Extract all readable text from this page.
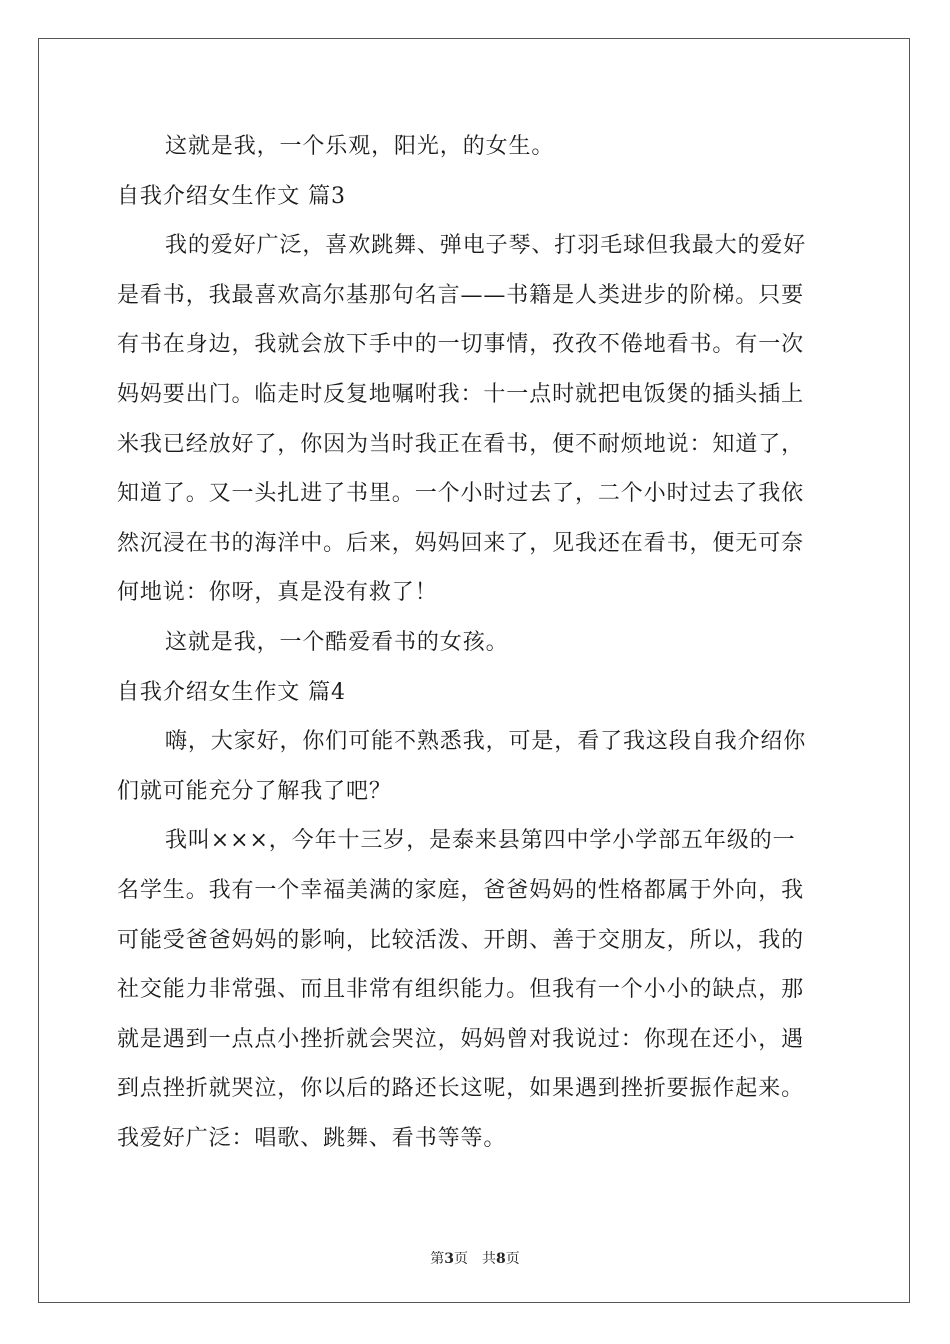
这就是我，一个乐观，阳光，的女生。
自我介绍女生作文 篇3
我的爱好广泛，喜欢跳舞、弹电子琴、打羽毛球但我最大的爱好
是看书，我最喜欢高尔基那句名言——书籍是人类进步的阶梯。只要
有书在身边，我就会放下手中的一切事情，孜孜不倦地看书。有一次
妈妈要出门。临走时反复地嘱咐我：十一点时就把电饭煲的插头插上
米我已经放好了，你因为当时我正在看书，便不耐烦地说：知道了，
知道了。又一头扎进了书里。一个小时过去了，二个小时过去了我依
然沉浸在书的海洋中。后来，妈妈回来了，见我还在看书，便无可奈
何地说：你呀，真是没有救了！
这就是我，一个酷爱看书的女孩。
自我介绍女生作文 篇4
嗨，大家好，你们可能不熟悉我，可是，看了我这段自我介绍你
们就可能充分了解我了吧？
我叫×××，今年十三岁，是泰来县第四中学小学部五年级的一
名学生。我有一个幸福美满的家庭，爸爸妈妈的性格都属于外向，我
可能受爸爸妈妈的影响，比较活泼、开朗、善于交朋友，所以，我的
社交能力非常强、而且非常有组织能力。但我有一个小小的缺点，那
就是遇到一点点小挫折就会哭泣，妈妈曾对我说过：你现在还小，遇
到点挫折就哭泣，你以后的路还长这呢，如果遇到挫折要振作起来。
我爱好广泛：唱歌、跳舞、看书等等。
第3页　共8页
